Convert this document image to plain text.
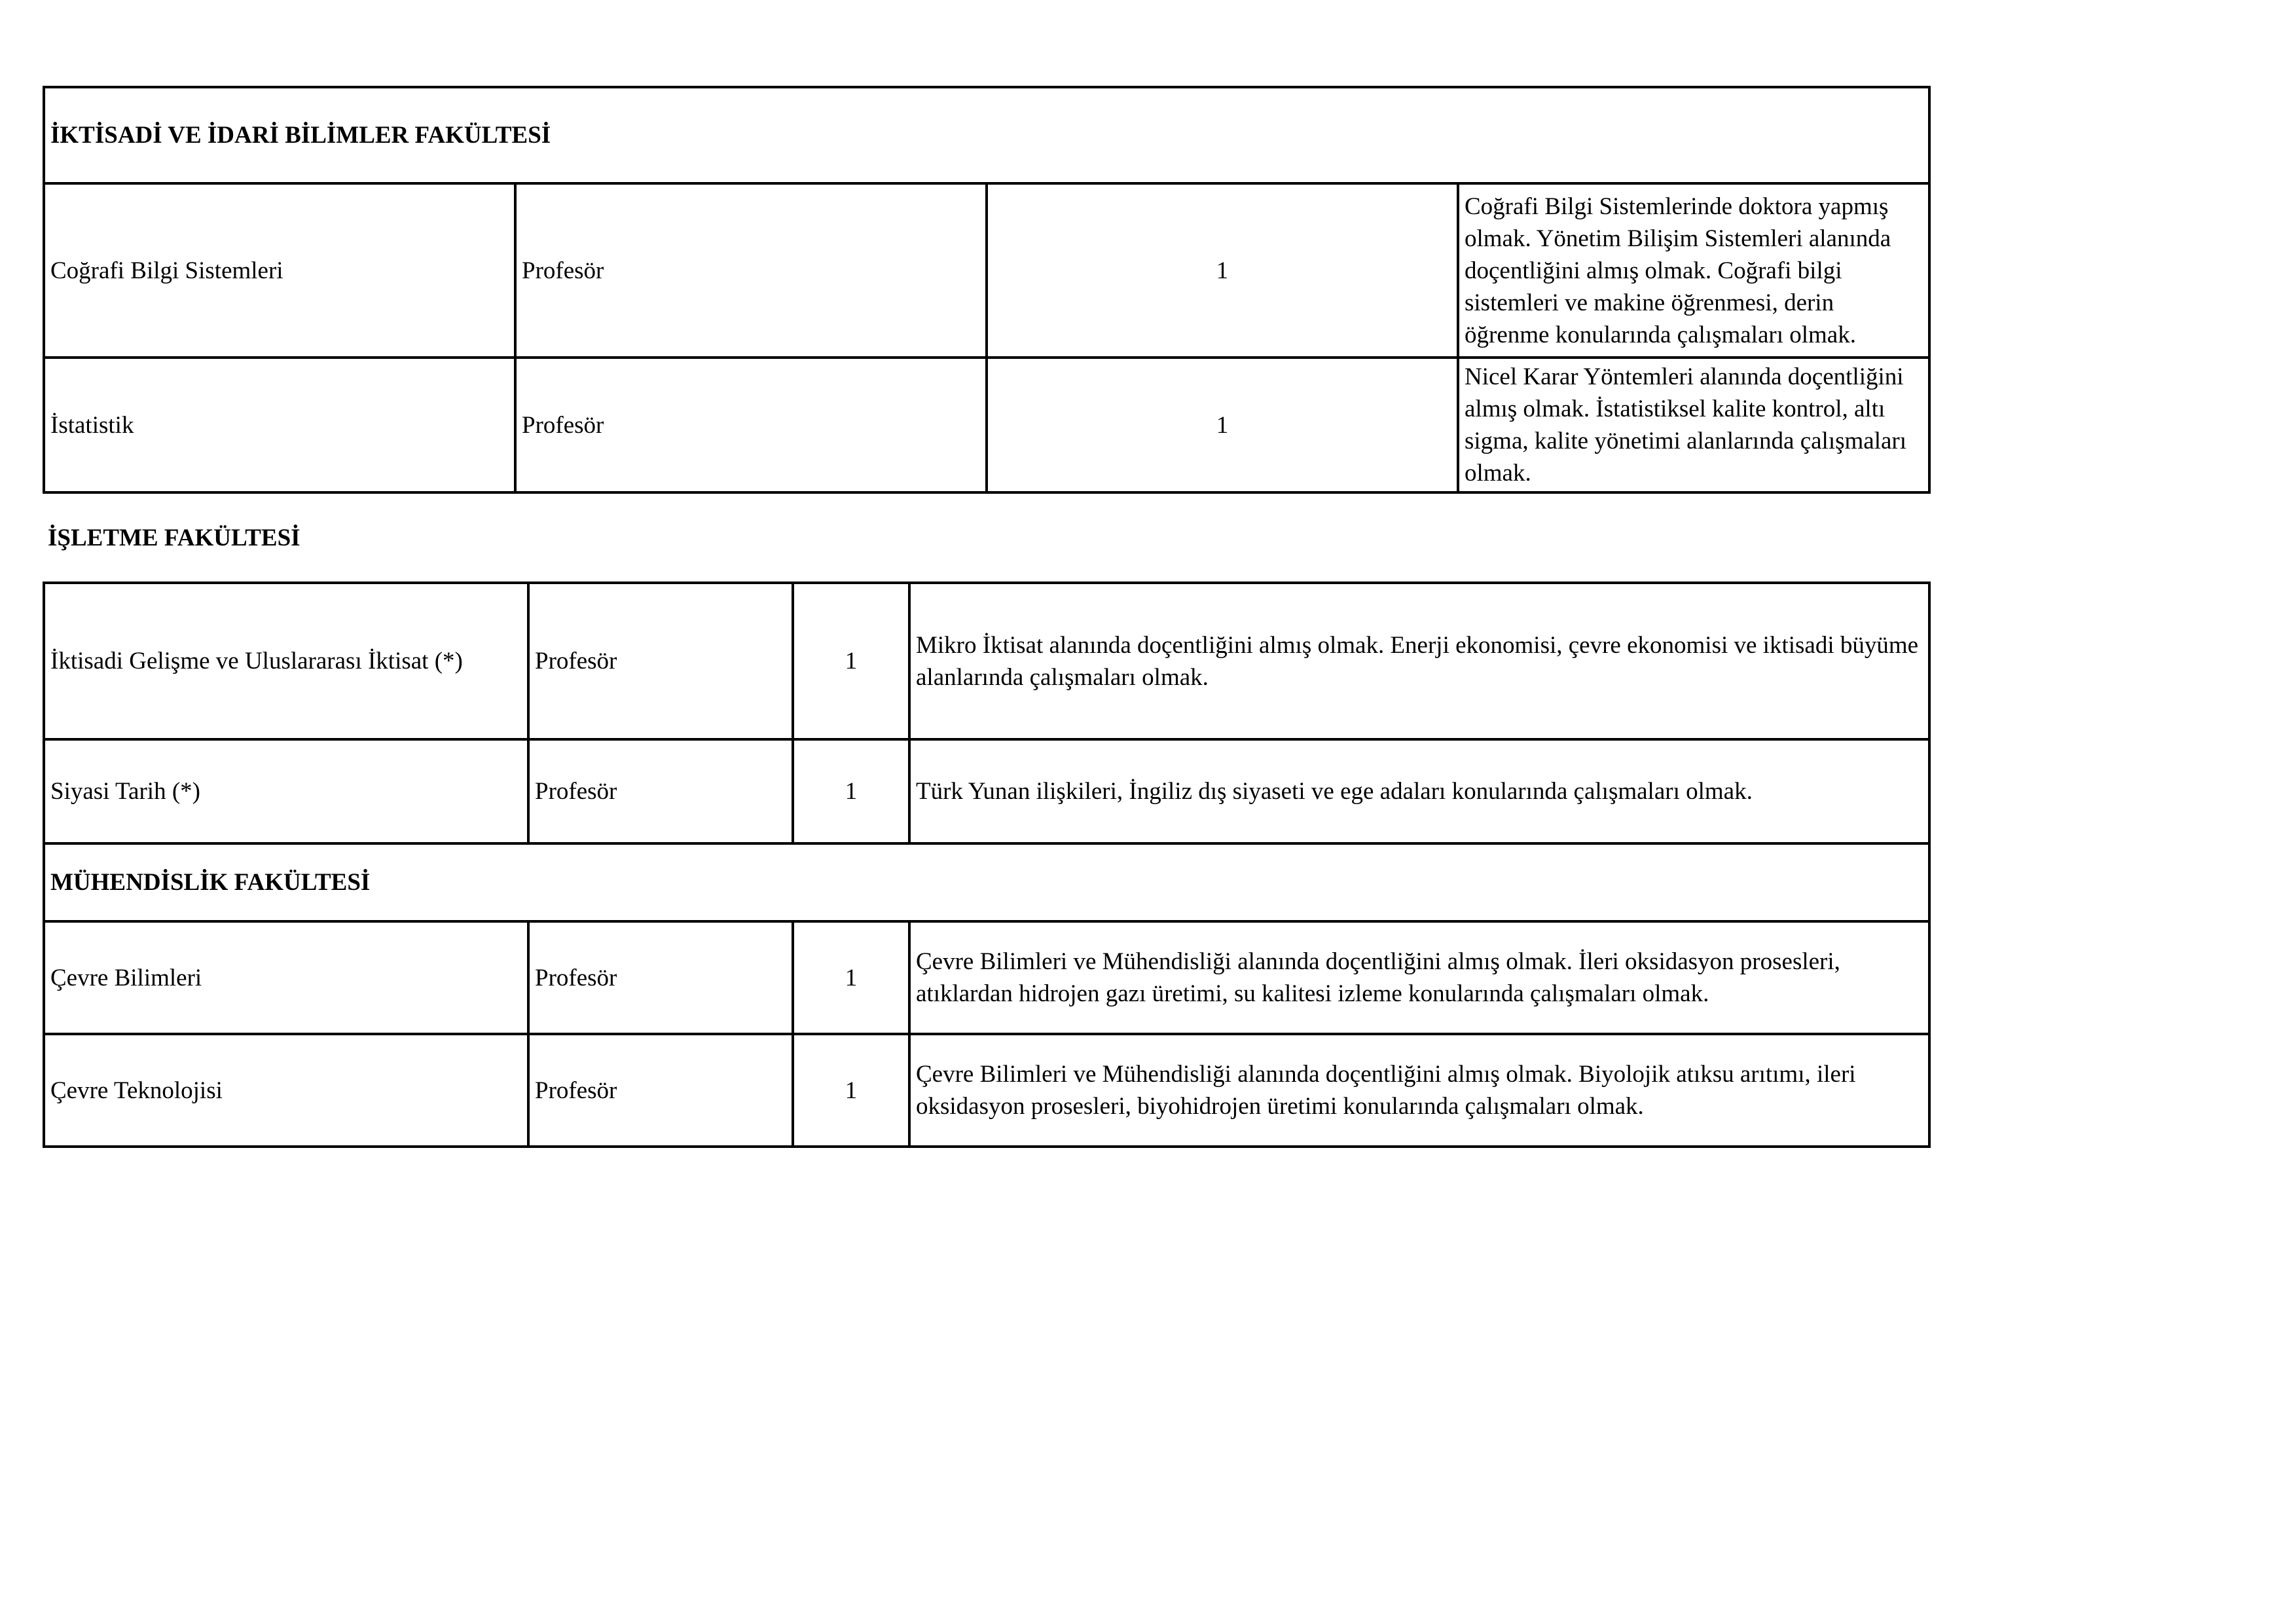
İKTİSADİ VE İDARİ BİLİMLER FAKÜLTESİ			
Coğrafi Bilgi Sistemleri	Profesör	1	Coğrafi Bilgi Sistemlerinde doktora yapmış olmak. Yönetim Bilişim Sistemleri alanında doçentliğini almış olmak. Coğrafi bilgi sistemleri ve makine öğrenmesi, derin öğrenme konularında çalışmaları olmak.
İstatistik	Profesör	1	Nicel Karar Yöntemleri alanında doçentliğini almış olmak. İstatistiksel kalite kontrol, altı sigma, kalite yönetimi alanlarında çalışmaları olmak.
İŞLETME FAKÜLTESİ
İktisadi Gelişme ve Uluslararası İktisat (*)	Profesör	1	Mikro İktisat alanında doçentliğini almış olmak. Enerji ekonomisi, çevre ekonomisi ve iktisadi büyüme alanlarında çalışmaları olmak.
Siyasi Tarih (*)	Profesör	1	Türk Yunan ilişkileri, İngiliz dış siyaseti ve ege adaları konularında çalışmaları olmak.
MÜHENDİSLİK FAKÜLTESİ			
Çevre Bilimleri	Profesör	1	Çevre Bilimleri ve Mühendisliği alanında doçentliğini almış olmak. İleri oksidasyon prosesleri, atıklardan hidrojen gazı üretimi, su kalitesi izleme konularında çalışmaları olmak.
Çevre Teknolojisi	Profesör	1	Çevre Bilimleri ve Mühendisliği alanında doçentliğini almış olmak. Biyolojik atıksu arıtımı, ileri oksidasyon prosesleri, biyohidrojen üretimi konularında çalışmaları olmak.
